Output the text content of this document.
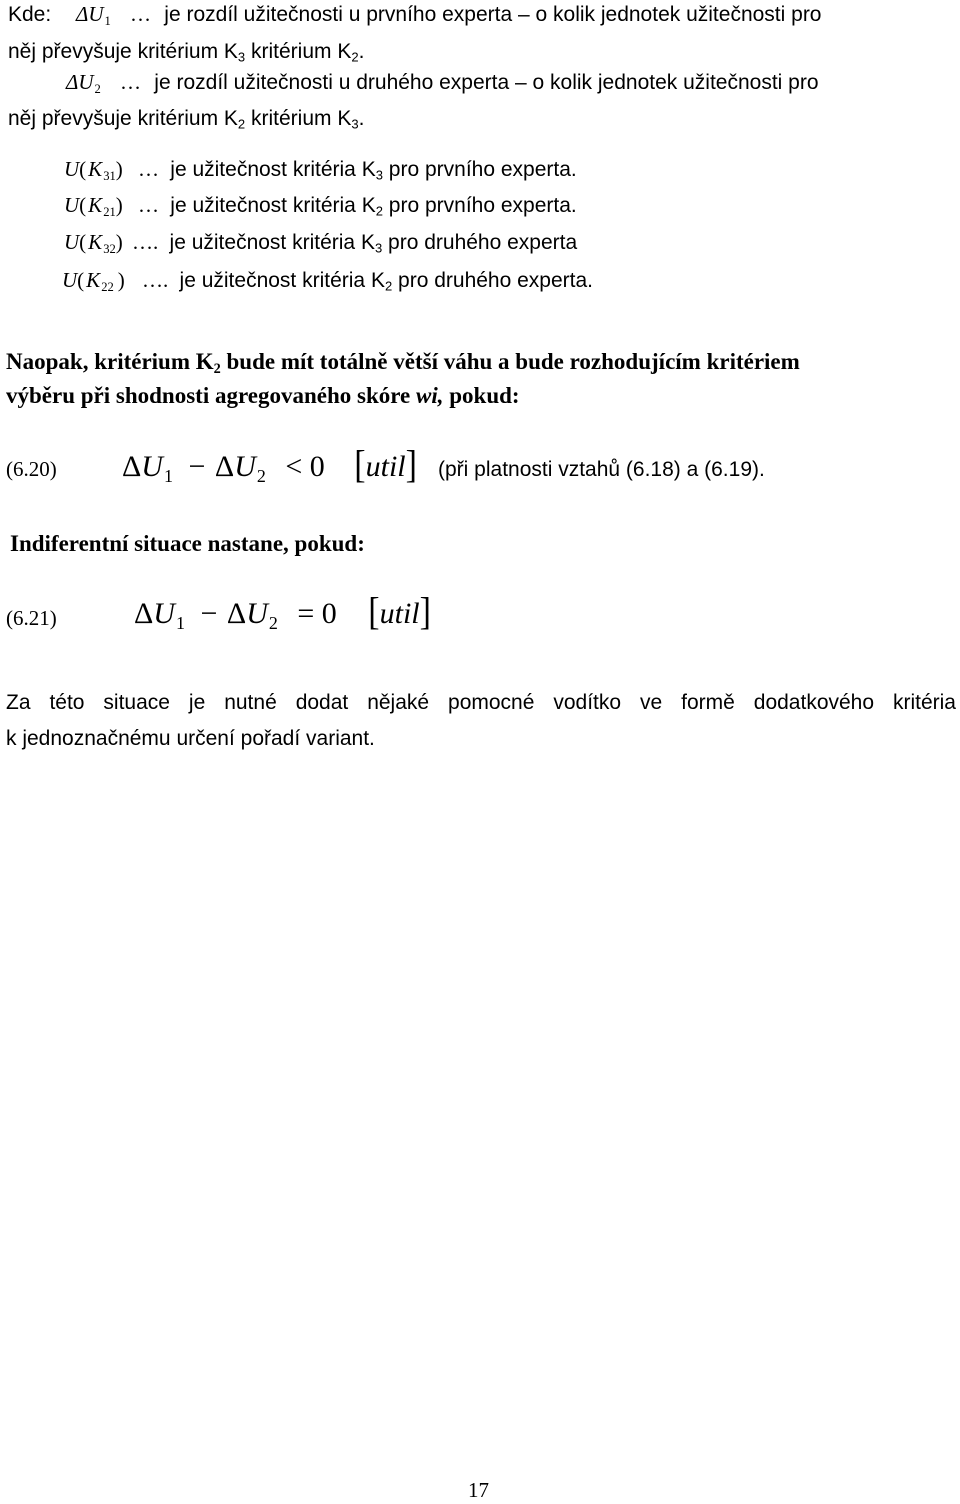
Kde: $\Delta U_1$ … je rozdíl užitečnosti u prvního experta – o kolik jednotek užitečnosti pro
něj převyšuje kritérium $K_3$ kritérium $K_2$.
$\Delta U_2$ … je rozdíl užitečnosti u druhého experta – o kolik jednotek užitečnosti pro
něj převyšuje kritérium $K_2$ kritérium $K_3$.
$U(K_{31})$ … je užitečnost kritéria $K_3$ pro prvního experta.
$U(K_{21})$ … je užitečnost kritéria $K_2$ pro prvního experta.
$U(K_{32})$ …. je užitečnost kritéria $K_3$ pro druhého experta
$U(K_{22}$ ) …. je užitečnost kritéria $K_2$ pro druhého experta.
Naopak, kritérium $K_2$ bude mít totálně větší váhu a bude rozhodujícím kritériem
výběru při shodnosti agregovaného skóre wi, pokud:
(6.20) $\Delta U_1 - \Delta U_2 < 0$ [util] (při platnosti vztahů (6.18) a (6.19).
Indiferentní situace nastane, pokud:
(6.21)	$\Delta U_1 - \Delta U_2 = 0$ [util]
Za této situace je nutné dodat nějaké pomocné vodítko ve formě dodatkového kritéria
k jednoznačnému určení pořadí variant.
17
